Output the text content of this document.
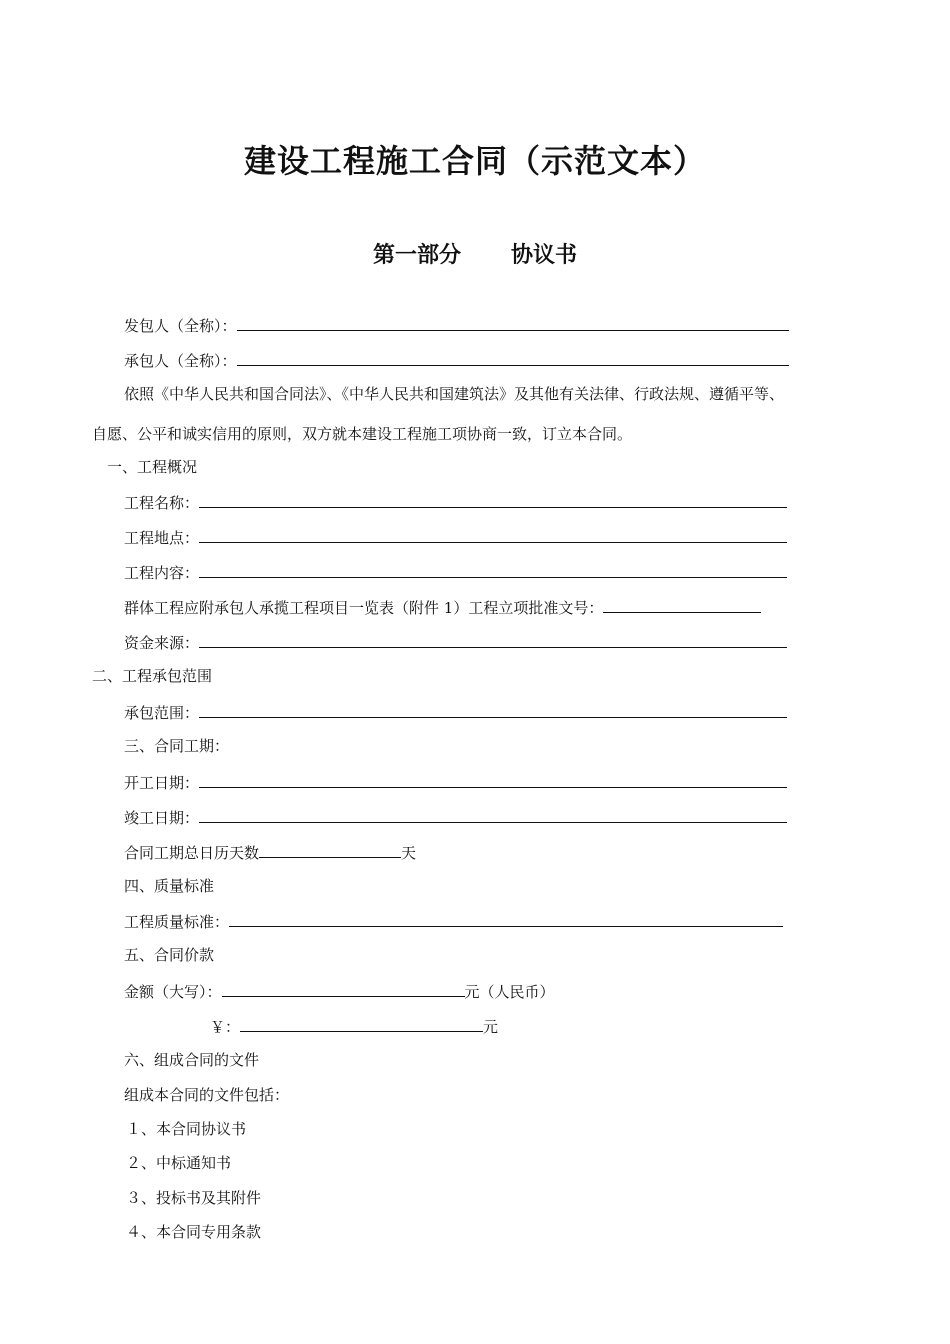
建设工程施工合同（示范文本）
第一部分 协议书
发包人（全称）：
承包人（全称）：
依照《中华人民共和国合同法》、《中华人民共和国建筑法》及其他有关法律、行政法规、遵循平等、
自愿、公平和诚实信用的原则，双方就本建设工程施工项协商一致，订立本合同。
一、工程概况
工程名称：
工程地点：
工程内容：
群体工程应附承包人承揽工程项目一览表（附件 1）工程立项批准文号：
资金来源：
二、工程承包范围
承包范围：
三、合同工期：
开工日期：
竣工日期：
合同工期总日历天数	天
四、质量标准
工程质量标准：
五、合同价款
金额（大写）：	元（人民币）
￥：	元
六、组成合同的文件
组成本合同的文件包括：
１、本合同协议书
２、中标通知书
３、投标书及其附件
４、本合同专用条款
